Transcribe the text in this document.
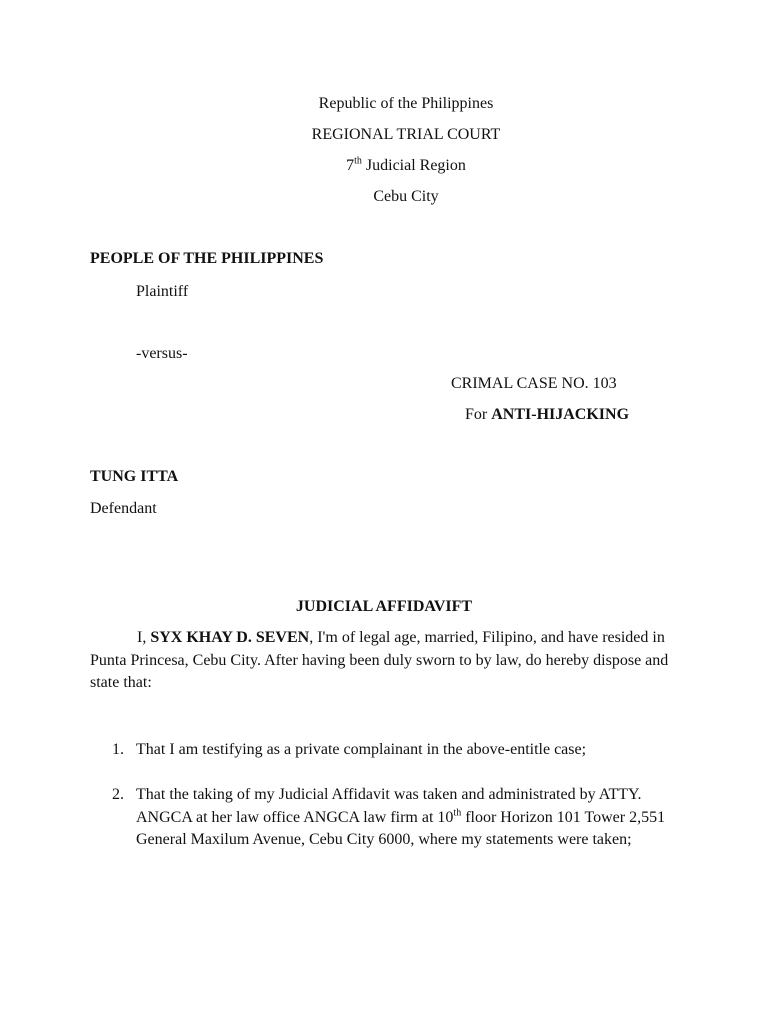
Republic of the Philippines
REGIONAL TRIAL COURT
7th Judicial Region
Cebu City
PEOPLE OF THE PHILIPPINES
Plaintiff
-versus-
CRIMAL CASE NO. 103
For ANTI-HIJACKING
TUNG ITTA
Defendant
JUDICIAL AFFIDAVIFT
I, SYX KHAY D. SEVEN, I'm of legal age, married, Filipino, and have resided in Punta Princesa, Cebu City. After having been duly sworn to by law, do hereby dispose and state that:
1. That I am testifying as a private complainant in the above-entitle case;
2. That the taking of my Judicial Affidavit was taken and administrated by ATTY. ANGCA at her law office ANGCA law firm at 10th floor Horizon 101 Tower 2,551 General Maxilum Avenue, Cebu City 6000, where my statements were taken;
